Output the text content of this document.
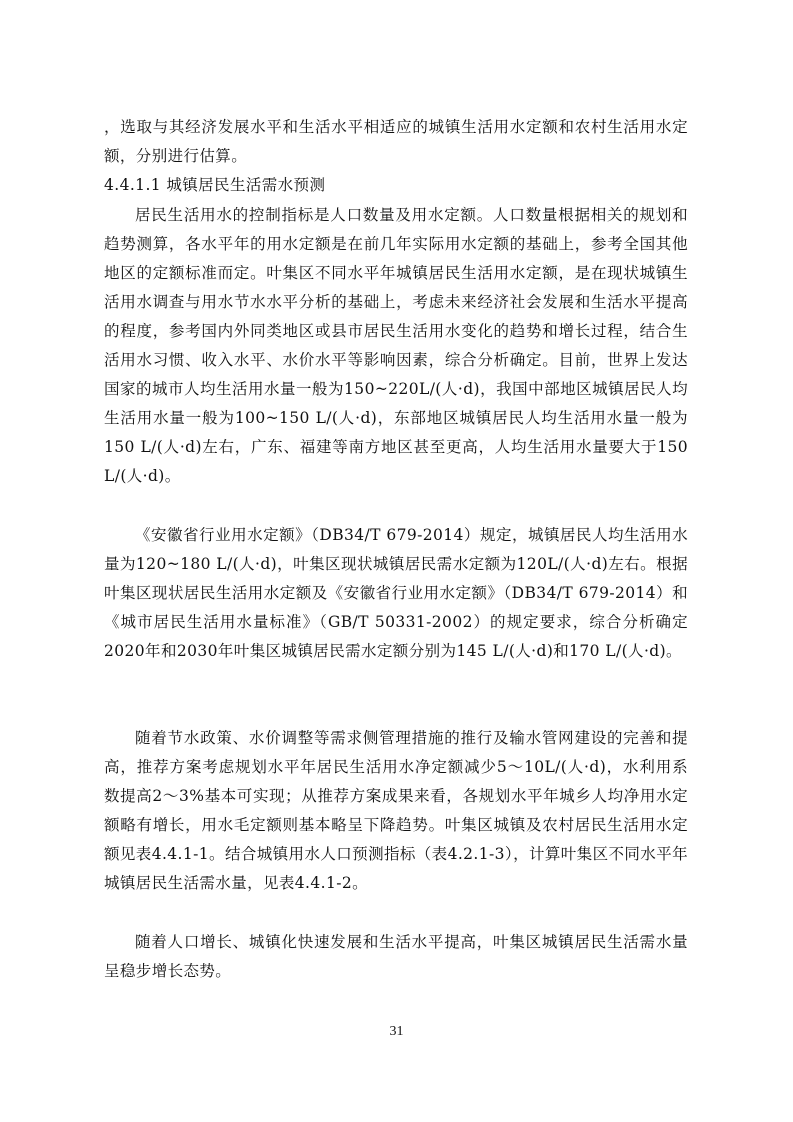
，选取与其经济发展水平和生活水平相适应的城镇生活用水定额和农村生活用水定额，分别进行估算。

4.4.1.1 城镇居民生活需水预测

居民生活用水的控制指标是人口数量及用水定额。人口数量根据相关的规划和趋势测算，各水平年的用水定额是在前几年实际用水定额的基础上，参考全国其他地区的定额标准而定。叶集区不同水平年城镇居民生活用水定额，是在现状城镇生活用水调查与用水节水水平分析的基础上，考虑未来经济社会发展和生活水平提高的程度，参考国内外同类地区或县市居民生活用水变化的趋势和增长过程，结合生活用水习惯、收入水平、水价水平等影响因素，综合分析确定。目前，世界上发达国家的城市人均生活用水量一般为150~220L/(人·d)，我国中部地区城镇居民人均生活用水量一般为100~150 L/(人·d)，东部地区城镇居民人均生活用水量一般为150 L/(人·d)左右，广东、福建等南方地区甚至更高，人均生活用水量要大于150 L/(人·d)。

《安徽省行业用水定额》（DB34/T 679-2014）规定，城镇居民人均生活用水量为120~180 L/(人·d)，叶集区现状城镇居民需水定额为120L/(人·d)左右。根据叶集区现状居民生活用水定额及《安徽省行业用水定额》（DB34/T 679-2014）和《城市居民生活用水量标准》（GB/T 50331-2002）的规定要求，综合分析确定2020年和2030年叶集区城镇居民需水定额分别为145 L/(人·d)和170 L/(人·d)。

随着节水政策、水价调整等需求侧管理措施的推行及输水管网建设的完善和提高，推荐方案考虑规划水平年居民生活用水净定额减少5～10L/(人·d)，水利用系数提高2～3%基本可实现；从推荐方案成果来看，各规划水平年城乡人均净用水定额略有增长，用水毛定额则基本略呈下降趋势。叶集区城镇及农村居民生活用水定额见表4.4.1-1。结合城镇用水人口预测指标（表4.2.1-3），计算叶集区不同水平年城镇居民生活需水量，见表4.4.1-2。

随着人口增长、城镇化快速发展和生活水平提高，叶集区城镇居民生活需水量呈稳步增长态势。

31
